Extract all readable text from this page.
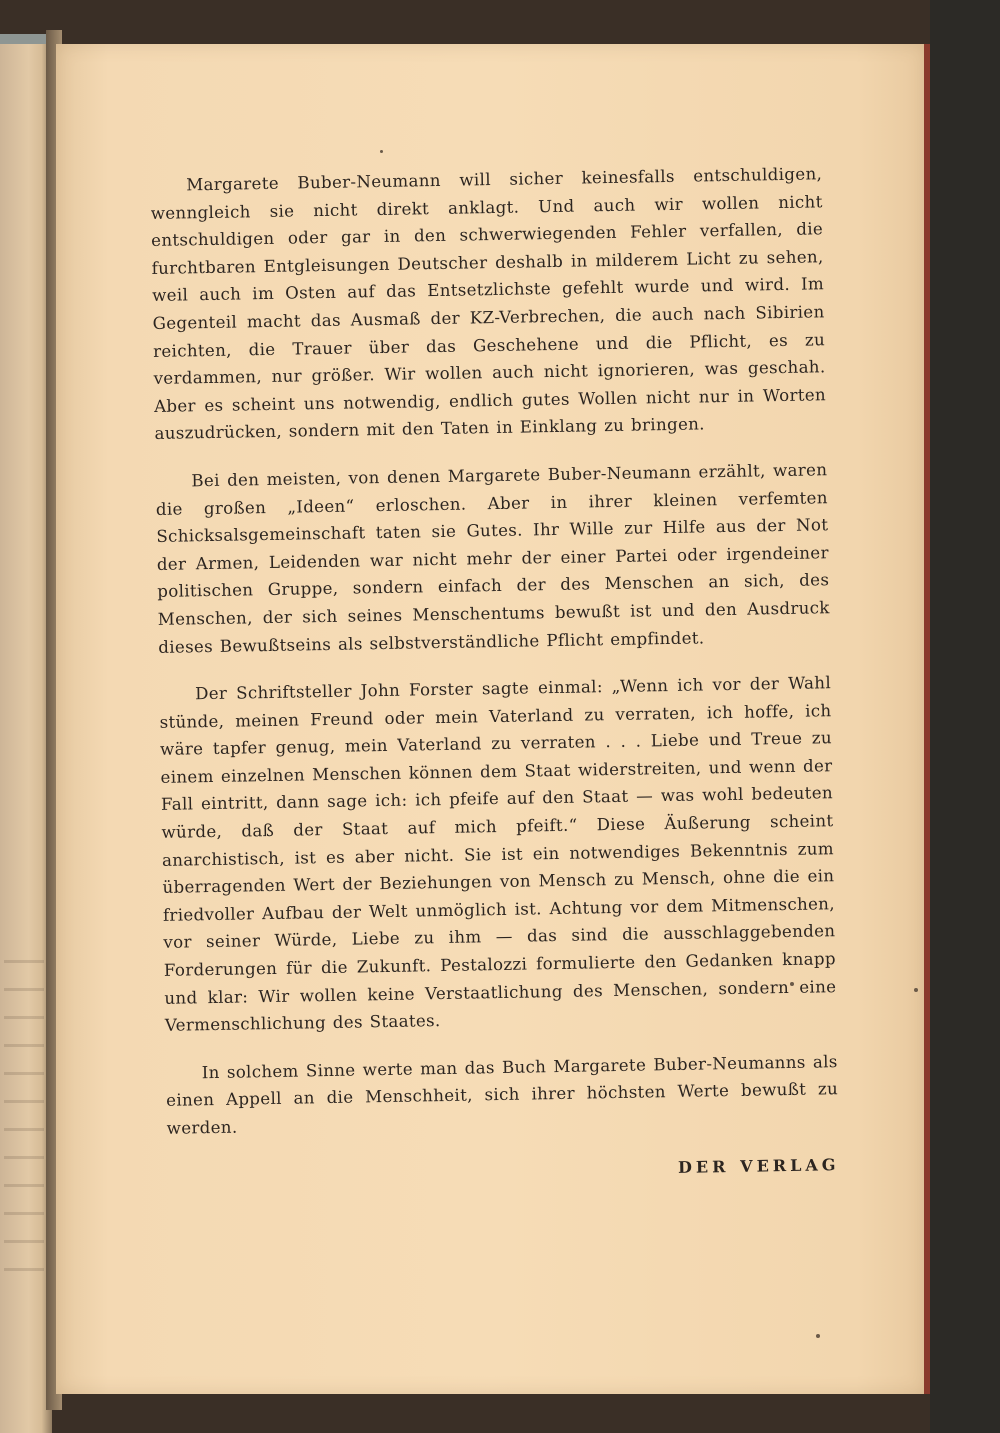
Margarete Buber-Neumann will sicher keinesfalls entschuldigen, wenngleich sie nicht direkt anklagt. Und auch wir wollen nicht entschuldigen oder gar in den schwerwiegenden Fehler verfallen, die furchtbaren Entgleisungen Deutscher deshalb in milderem Licht zu sehen, weil auch im Osten auf das Entsetzlichste gefehlt wurde und wird. Im Gegenteil macht das Ausmaß der KZ-Verbrechen, die auch nach Sibirien reichten, die Trauer über das Geschehene und die Pflicht, es zu verdammen, nur größer. Wir wollen auch nicht ignorieren, was geschah. Aber es scheint uns notwendig, endlich gutes Wollen nicht nur in Worten auszudrücken, sondern mit den Taten in Einklang zu bringen.

Bei den meisten, von denen Margarete Buber-Neumann erzählt, waren die großen „Ideen“ erloschen. Aber in ihrer kleinen verfemten Schicksalsgemeinschaft taten sie Gutes. Ihr Wille zur Hilfe aus der Not der Armen, Leidenden war nicht mehr der einer Partei oder irgendeiner politischen Gruppe, sondern einfach der des Menschen an sich, des Menschen, der sich seines Menschentums bewußt ist und den Ausdruck dieses Bewußtseins als selbstverständliche Pflicht empfindet.

Der Schriftsteller John Forster sagte einmal: „Wenn ich vor der Wahl stünde, meinen Freund oder mein Vaterland zu verraten, ich hoffe, ich wäre tapfer genug, mein Vaterland zu verraten . . . Liebe und Treue zu einem einzelnen Menschen können dem Staat widerstreiten, und wenn der Fall eintritt, dann sage ich: ich pfeife auf den Staat — was wohl bedeuten würde, daß der Staat auf mich pfeift.“ Diese Äußerung scheint anarchistisch, ist es aber nicht. Sie ist ein notwendiges Bekenntnis zum überragenden Wert der Beziehungen von Mensch zu Mensch, ohne die ein friedvoller Aufbau der Welt unmöglich ist. Achtung vor dem Mitmenschen, vor seiner Würde, Liebe zu ihm — das sind die ausschlaggebenden Forderungen für die Zukunft. Pestalozzi formulierte den Gedanken knapp und klar: Wir wollen keine Verstaatlichung des Menschen, sondern eine Vermenschlichung des Staates.

In solchem Sinne werte man das Buch Margarete Buber-Neumanns als einen Appell an die Menschheit, sich ihrer höchsten Werte bewußt zu werden.

DER VERLAG
